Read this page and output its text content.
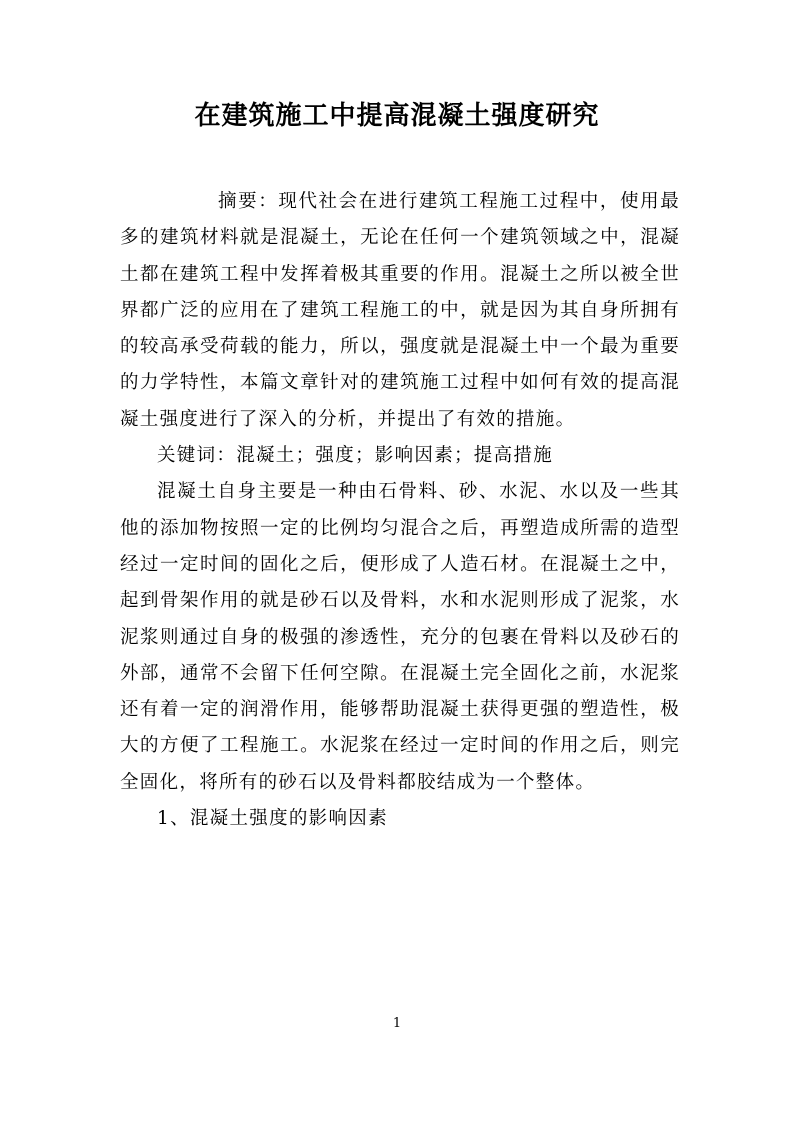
在建筑施工中提高混凝土强度研究

摘要：现代社会在进行建筑工程施工过程中，使用最多的建筑材料就是混凝土，无论在任何一个建筑领域之中，混凝土都在建筑工程中发挥着极其重要的作用。混凝土之所以被全世界都广泛的应用在了建筑工程施工的中，就是因为其自身所拥有的较高承受荷载的能力，所以，强度就是混凝土中一个最为重要的力学特性，本篇文章针对的建筑施工过程中如何有效的提高混凝土强度进行了深入的分析，并提出了有效的措施。

关键词：混凝土；强度；影响因素；提高措施

混凝土自身主要是一种由石骨料、砂、水泥、水以及一些其他的添加物按照一定的比例均匀混合之后，再塑造成所需的造型经过一定时间的固化之后，便形成了人造石材。在混凝土之中，起到骨架作用的就是砂石以及骨料，水和水泥则形成了泥浆，水泥浆则通过自身的极强的渗透性，充分的包裹在骨料以及砂石的外部，通常不会留下任何空隙。在混凝土完全固化之前，水泥浆还有着一定的润滑作用，能够帮助混凝土获得更强的塑造性，极大的方便了工程施工。水泥浆在经过一定时间的作用之后，则完全固化，将所有的砂石以及骨料都胶结成为一个整体。

1、混凝土强度的影响因素

1
